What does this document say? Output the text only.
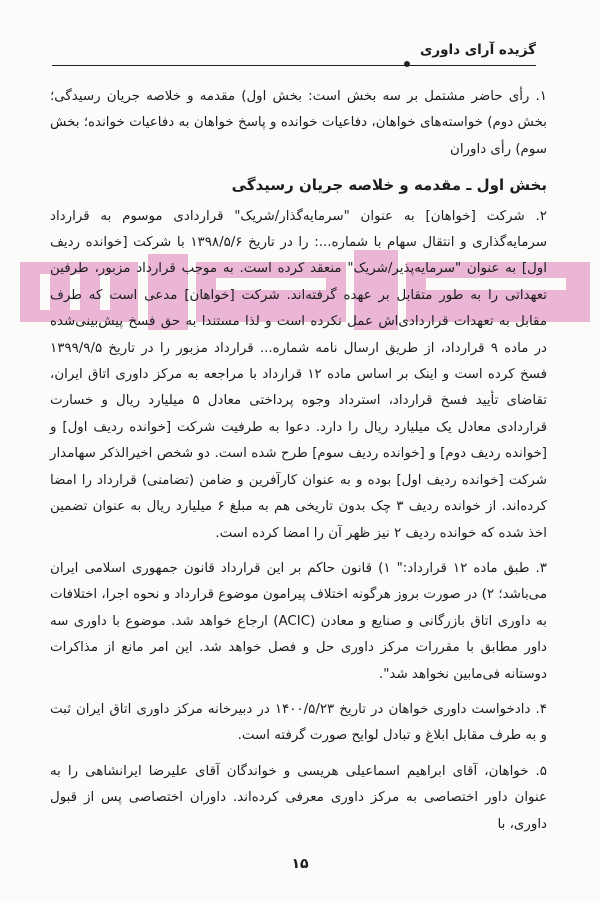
گزیده آرای داوری

۱. رأی حاضر مشتمل بر سه بخش است: بخش اول) مقدمه و خلاصه جریان رسیدگی؛ بخش دوم) خواسته‌های خواهان، دفاعیات خوانده و پاسخ خواهان به دفاعیات خوانده؛ بخش سوم) رأی داوران

بخش اول ـ مقدمه و خلاصه جریان رسیدگی

۲. شرکت [خواهان] به عنوان "سرمایه‌گذار/شریک" قراردادی موسوم به قرارداد سرمایه‌گذاری و انتقال سهام با شماره...: را در تاریخ ۱۳۹۸/۵/۶ با شرکت [خوانده ردیف اول] به عنوان "سرمایه‌پذیر/شریک" منعقد کرده است. به موجب قرارداد مزبور، طرفین تعهداتی را به طور متقابل بر عهده گرفته‌اند. شرکت [خواهان] مدعی است که طرف مقابل به تعهدات قراردادی‌اش عمل نکرده است و لذا مستندا به حق فسخ پیش‌بینی‌شده در ماده ۹ قرارداد، از طریق ارسال نامه شماره... قرارداد مزبور را در تاریخ ۱۳۹۹/۹/۵ فسخ کرده است و اینک بر اساس ماده ۱۲ قرارداد با مراجعه به مرکز داوری اتاق ایران، تقاضای تأیید فسخ قرارداد، استرداد وجوه پرداختی معادل ۵ میلیارد ریال و خسارت قراردادی معادل یک میلیارد ریال را دارد. دعوا به طرفیت شرکت [خوانده ردیف اول] و [خوانده ردیف دوم] و [خوانده ردیف سوم] طرح شده است. دو شخص اخیرالذکر سهامدار شرکت [خوانده ردیف اول] بوده و به عنوان کارآفرین و ضامن (تضامنی) قرارداد را امضا کرده‌اند. از خوانده ردیف ۳ چک بدون تاریخی هم به مبلغ ۶ میلیارد ریال به عنوان تضمین اخذ شده که خوانده ردیف ۲ نیز ظهر آن را امضا کرده است.

۳. طبق ماده ۱۲ قرارداد:" ۱) قانون حاکم بر این قرارداد قانون جمهوری اسلامی ایران می‌باشد؛ ۲) در صورت بروز هرگونه اختلاف پیرامون موضوع قرارداد و نحوه اجرا، اختلافات به داوری اتاق بازرگانی و صنایع و معادن (ACIC) ارجاع خواهد شد. موضوع با داوری سه داور مطابق با مقررات مرکز داوری حل و فصل خواهد شد. این امر مانع از مذاکرات دوستانه فی‌مابین نخواهد شد".

۴. دادخواست داوری خواهان در تاریخ ۱۴۰۰/۵/۲۳ در دبیرخانه مرکز داوری اتاق ایران ثبت و به طرف مقابل ابلاغ و تبادل لوایح صورت گرفته است.

۵. خواهان، آقای ابراهیم اسماعیلی هریسی و خواندگان آقای علیرضا ایرانشاهی را به عنوان داور اختصاصی به مرکز داوری معرفی کرده‌اند. داوران اختصاصی پس از قبول داوری، با

۱۵
